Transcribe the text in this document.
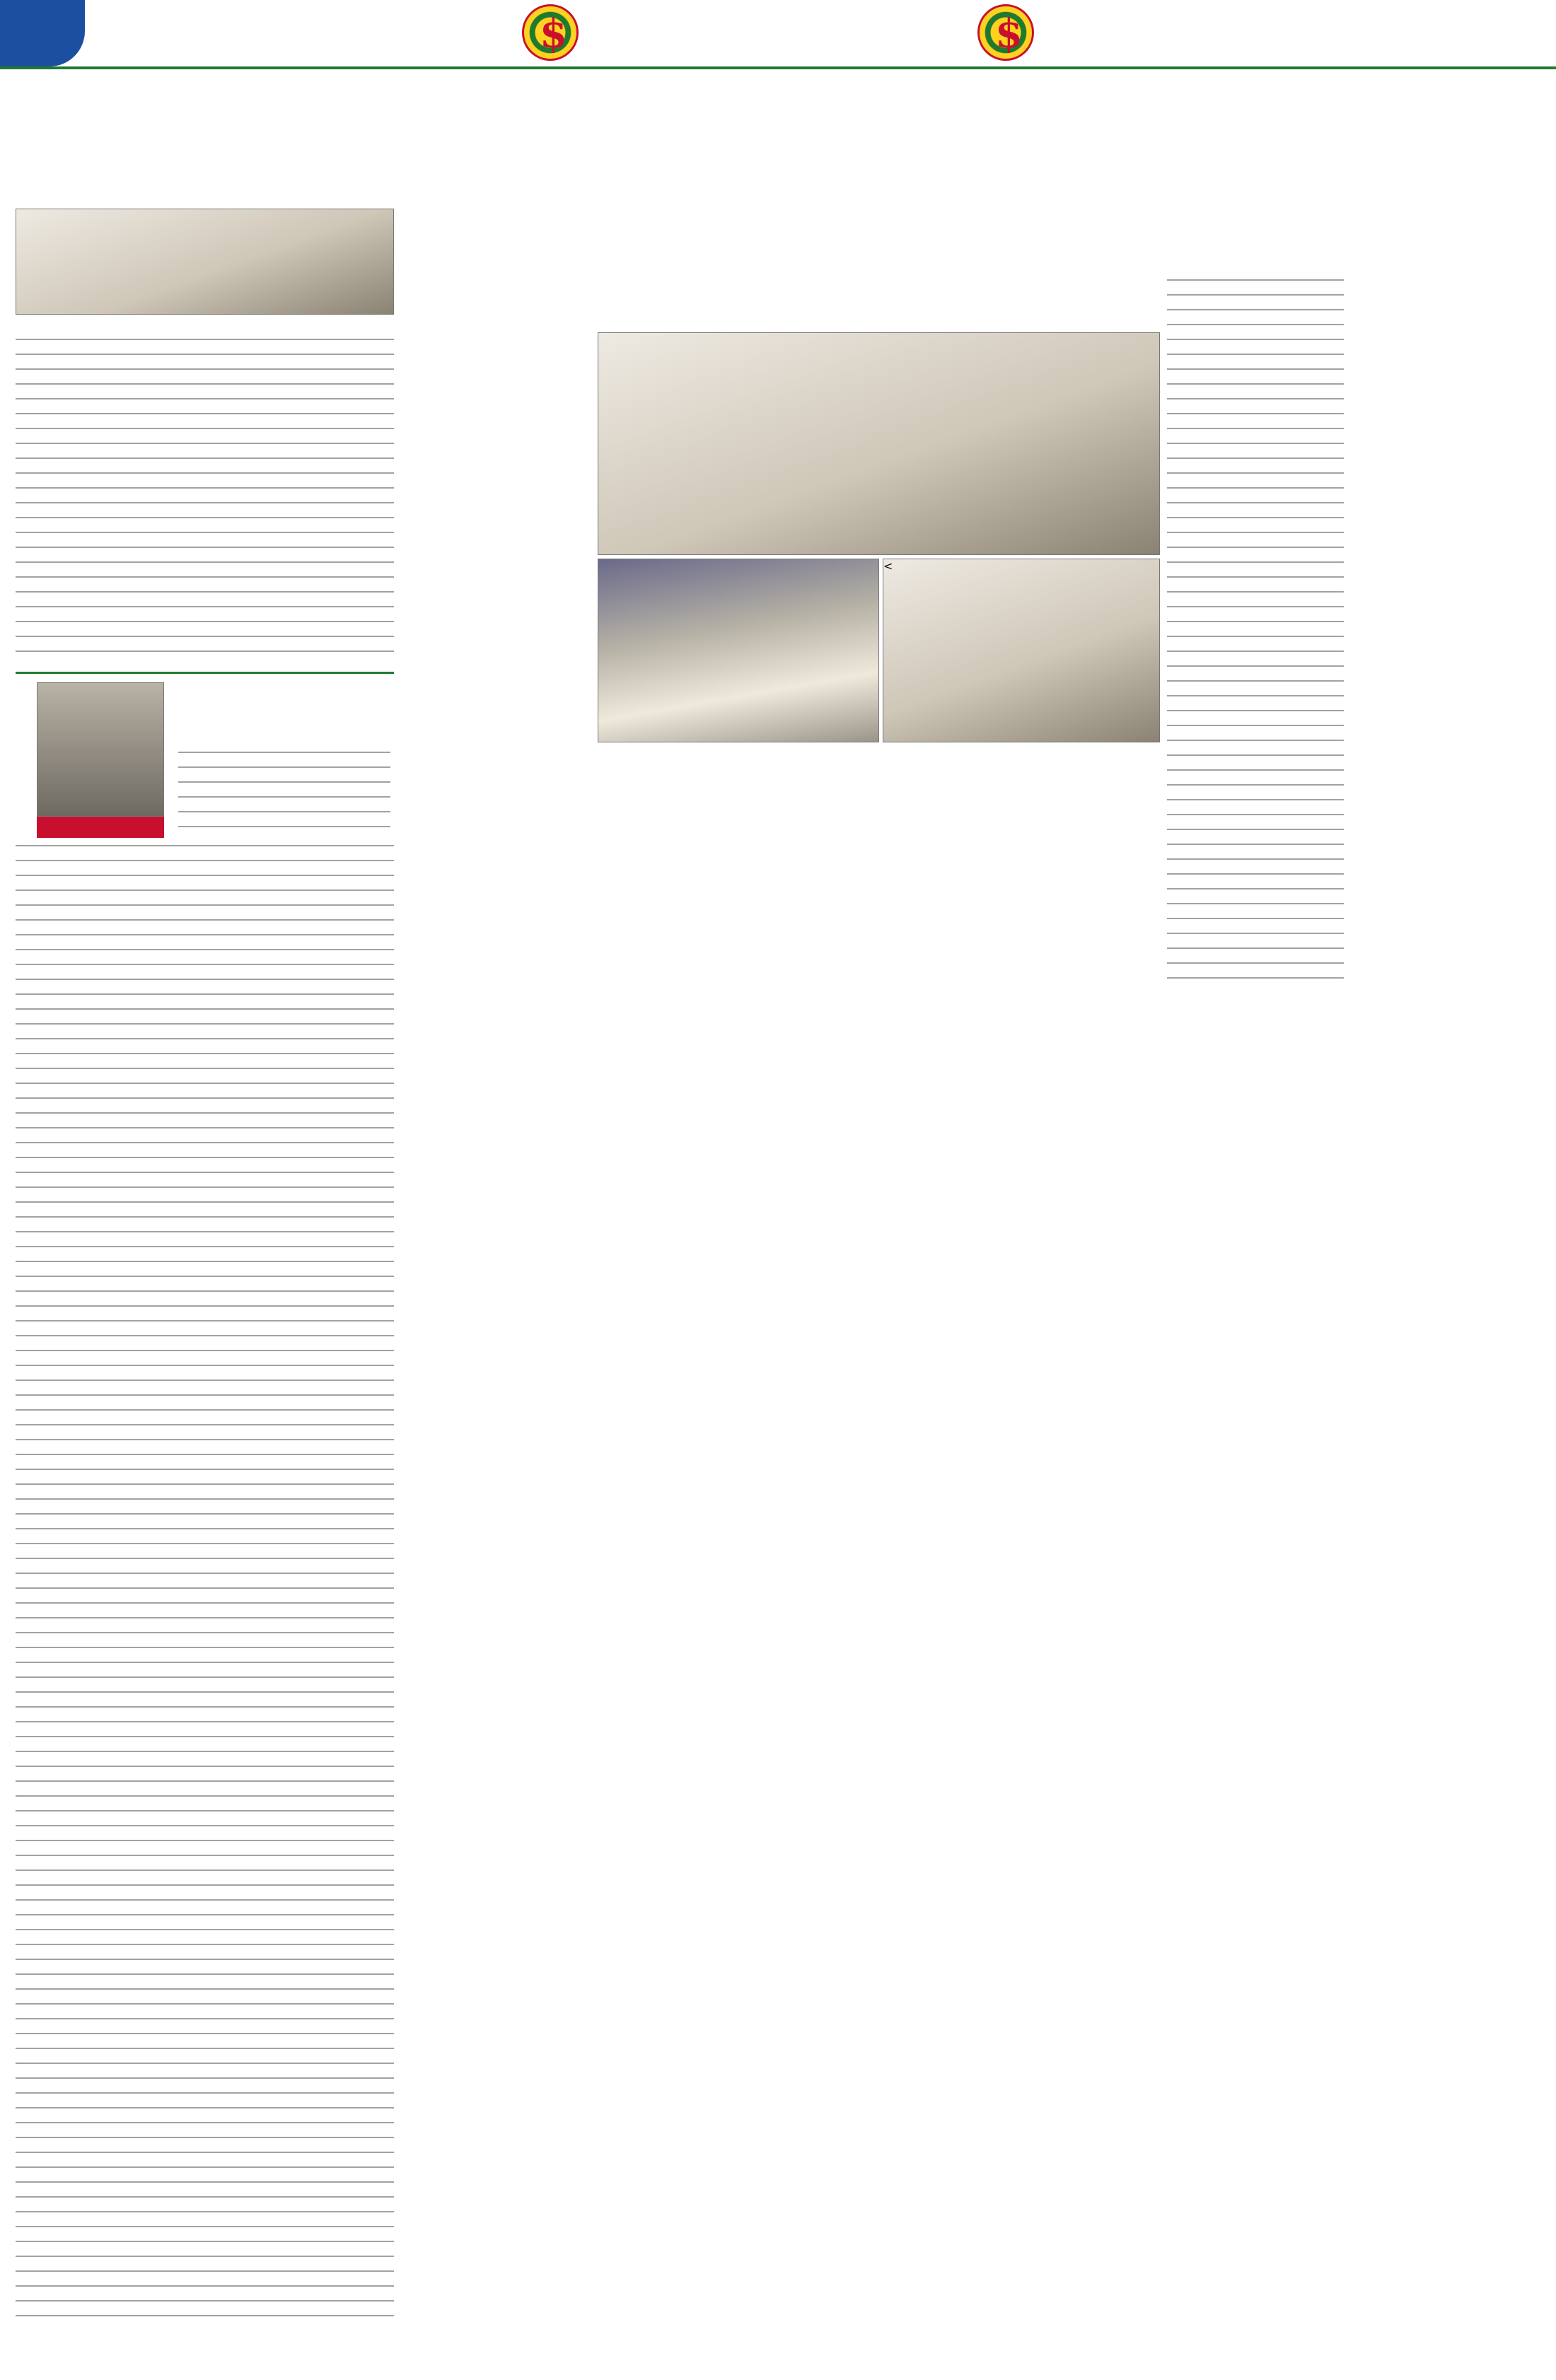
$	$
<
